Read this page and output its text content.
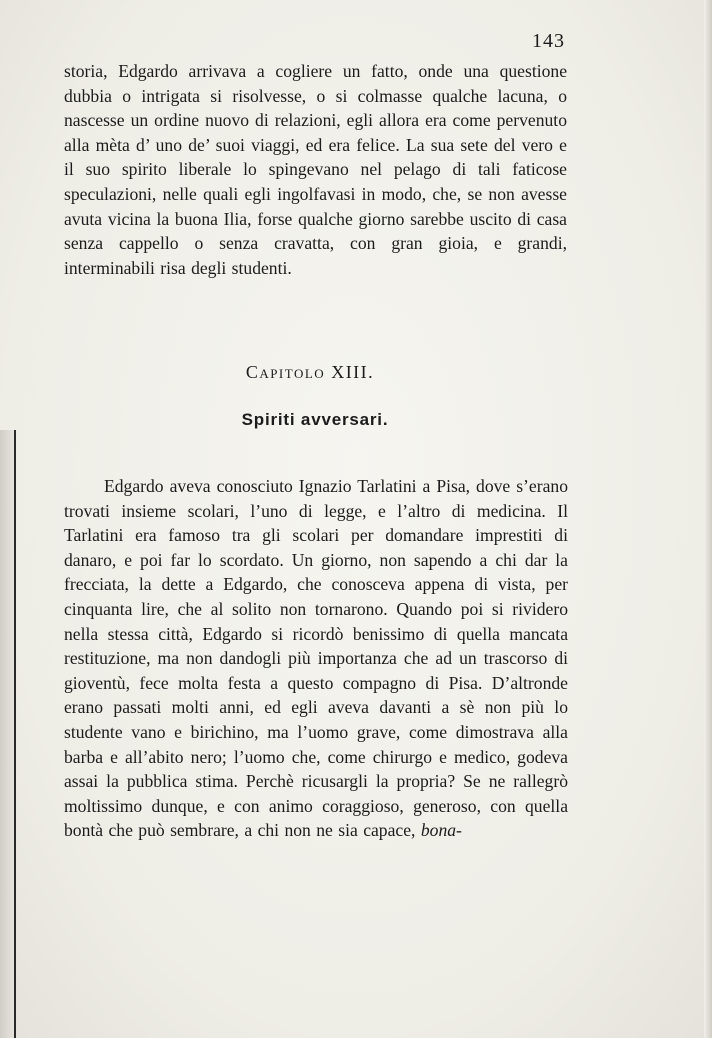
143

storia, Edgardo arrivava a cogliere un fatto, onde una questione dubbia o intrigata si risolvesse, o si colmasse qualche lacuna, o nascesse un ordine nuovo di relazioni, egli allora era come pervenuto alla mèta d’ uno de’ suoi viaggi, ed era felice. La sua sete del vero e il suo spirito liberale lo spingevano nel pelago di tali faticose speculazioni, nelle quali egli ingolfavasi in modo, che, se non avesse avuta vicina la buona Ilia, forse qualche giorno sarebbe uscito di casa senza cappello o senza cravatta, con gran gioia, e grandi, interminabili risa degli studenti.

Capitolo XIII.
Spiriti avversari.

Edgardo aveva conosciuto Ignazio Tarlatini a Pisa, dove s’erano trovati insieme scolari, l’uno di legge, e l’altro di medicina. Il Tarlatini era famoso tra gli scolari per domandare imprestiti di danaro, e poi far lo scordato. Un giorno, non sapendo a chi dar la frecciata, la dette a Edgardo, che conosceva appena di vista, per cinquanta lire, che al solito non tornarono. Quando poi si rividero nella stessa città, Edgardo si ricordò benissimo di quella mancata restituzione, ma non dandogli più importanza che ad un trascorso di gioventù, fece molta festa a questo compagno di Pisa. D’altronde erano passati molti anni, ed egli aveva davanti a sè non più lo studente vano e birichino, ma l’uomo grave, come dimostrava alla barba e all’abito nero; l’uomo che, come chirurgo e medico, godeva assai la pubblica stima. Perchè ricusargli la propria? Se ne rallegrò moltissimo dunque, e con animo coraggioso, generoso, con quella bontà che può sembrare, a chi non ne sia capace, bona-
